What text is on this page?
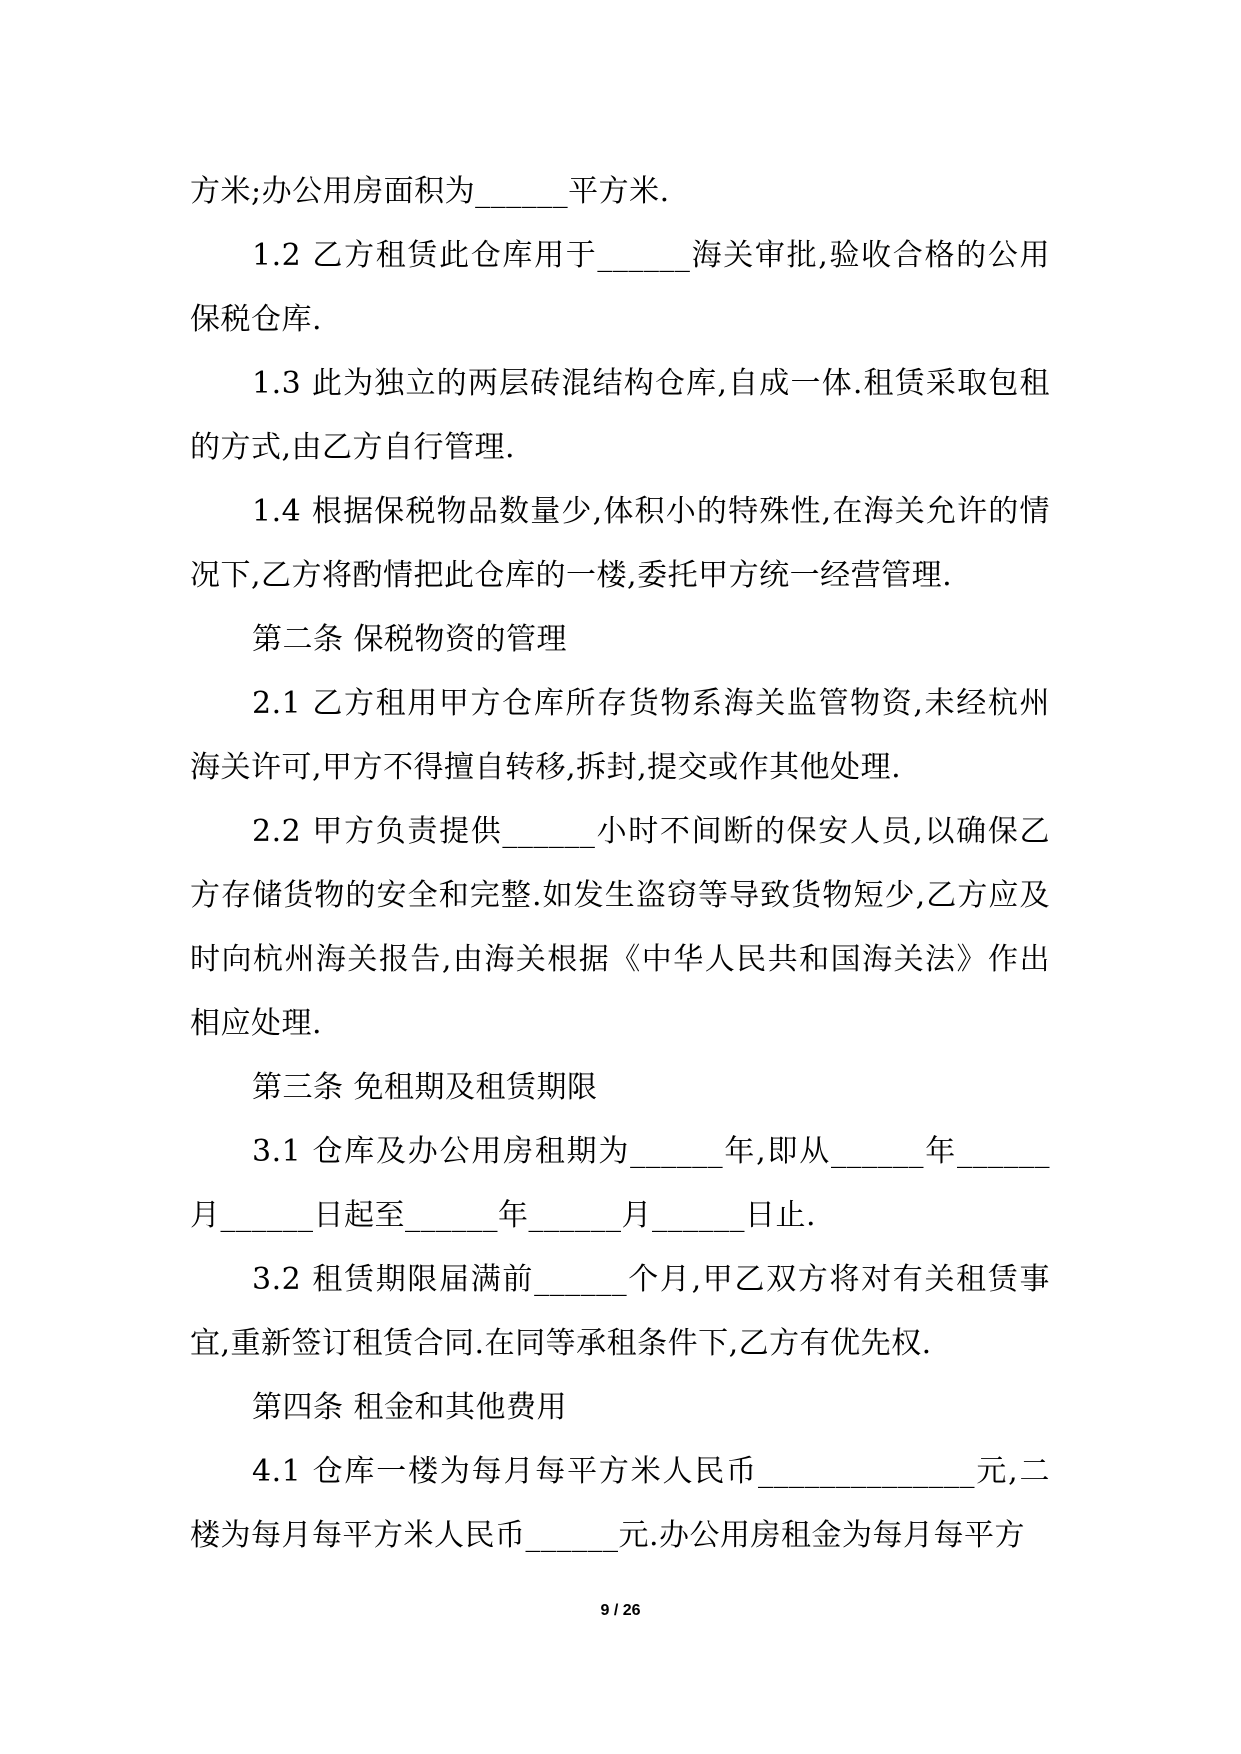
方米;办公用房面积为______平方米.

1.2 乙方租赁此仓库用于______海关审批,验收合格的公用保税仓库.

1.3 此为独立的两层砖混结构仓库,自成一体.租赁采取包租的方式,由乙方自行管理.

1.4 根据保税物品数量少,体积小的特殊性,在海关允许的情况下,乙方将酌情把此仓库的一楼,委托甲方统一经营管理.

第二条 保税物资的管理

2.1 乙方租用甲方仓库所存货物系海关监管物资,未经杭州海关许可,甲方不得擅自转移,拆封,提交或作其他处理.

2.2 甲方负责提供______小时不间断的保安人员,以确保乙方存储货物的安全和完整.如发生盗窃等导致货物短少,乙方应及时向杭州海关报告,由海关根据《中华人民共和国海关法》作出相应处理.

第三条 免租期及租赁期限

3.1 仓库及办公用房租期为______年,即从______年______月______日起至______年______月______日止.

3.2 租赁期限届满前______个月,甲乙双方将对有关租赁事宜,重新签订租赁合同.在同等承租条件下,乙方有优先权.

第四条 租金和其他费用

4.1 仓库一楼为每月每平方米人民币______________元,二楼为每月每平方米人民币______元.办公用房租金为每月每平方

9 / 26
